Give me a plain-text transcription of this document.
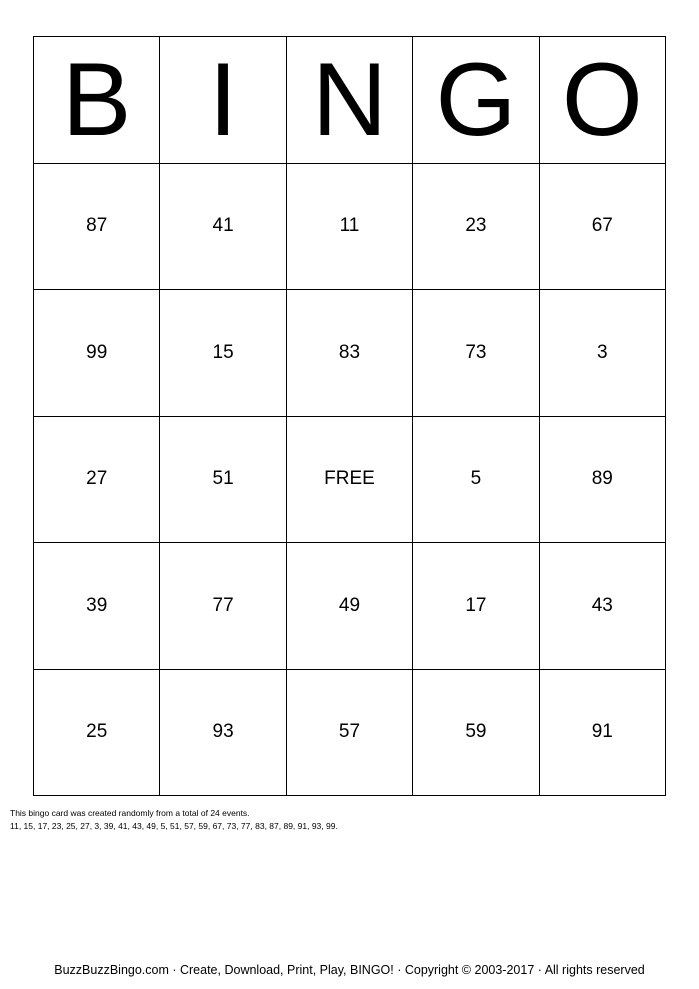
B I N G O
87	41	11	23	67
99	15	83	73	3
27	51	FREE	5	89
39	77	49	17	43
25	93	57	59	91
This bingo card was created randomly from a total of 24 events.
11, 15, 17, 23, 25, 27, 3, 39, 41, 43, 49, 5, 51, 57, 59, 67, 73, 77, 83, 87, 89, 91, 93, 99.
BuzzBuzzBingo.com · Create, Download, Print, Play, BINGO! · Copyright © 2003-2017 · All rights reserved
